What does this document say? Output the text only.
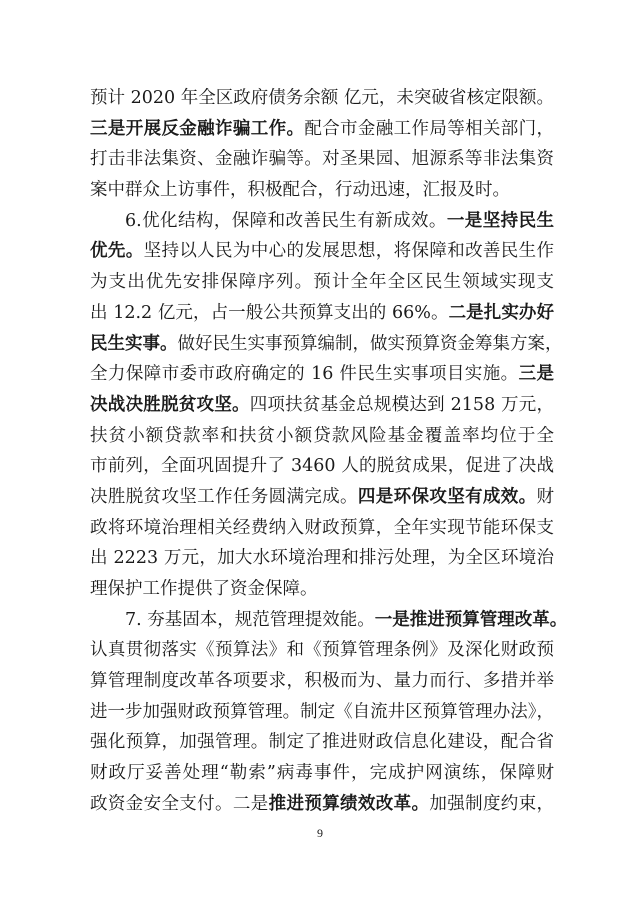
预计 2020 年全区政府债务余额 亿元，未突破省核定限额。
三是开展反金融诈骗工作。配合市金融工作局等相关部门，
打击非法集资、金融诈骗等。对圣果园、旭源系等非法集资
案中群众上访事件，积极配合，行动迅速，汇报及时。
6.优化结构，保障和改善民生有新成效。一是坚持民生
优先。坚持以人民为中心的发展思想，将保障和改善民生作
为支出优先安排保障序列。预计全年全区民生领域实现支
出 12.2 亿元，占一般公共预算支出的 66%。二是扎实办好
民生实事。做好民生实事预算编制，做实预算资金筹集方案，
全力保障市委市政府确定的 16 件民生实事项目实施。三是
决战决胜脱贫攻坚。四项扶贫基金总规模达到 2158 万元，
扶贫小额贷款率和扶贫小额贷款风险基金覆盖率均位于全
市前列，全面巩固提升了 3460 人的脱贫成果，促进了决战
决胜脱贫攻坚工作任务圆满完成。四是环保攻坚有成效。财
政将环境治理相关经费纳入财政预算，全年实现节能环保支
出 2223 万元，加大水环境治理和排污处理，为全区环境治
理保护工作提供了资金保障。
7. 夯基固本，规范管理提效能。一是推进预算管理改革。
认真贯彻落实《预算法》和《预算管理条例》及深化财政预
算管理制度改革各项要求，积极而为、量力而行、多措并举
进一步加强财政预算管理。制定《自流井区预算管理办法》，
强化预算，加强管理。制定了推进财政信息化建设，配合省
财政厅妥善处理“勒索”病毒事件，完成护网演练，保障财
政资金安全支付。二是推进预算绩效改革。加强制度约束，
9
